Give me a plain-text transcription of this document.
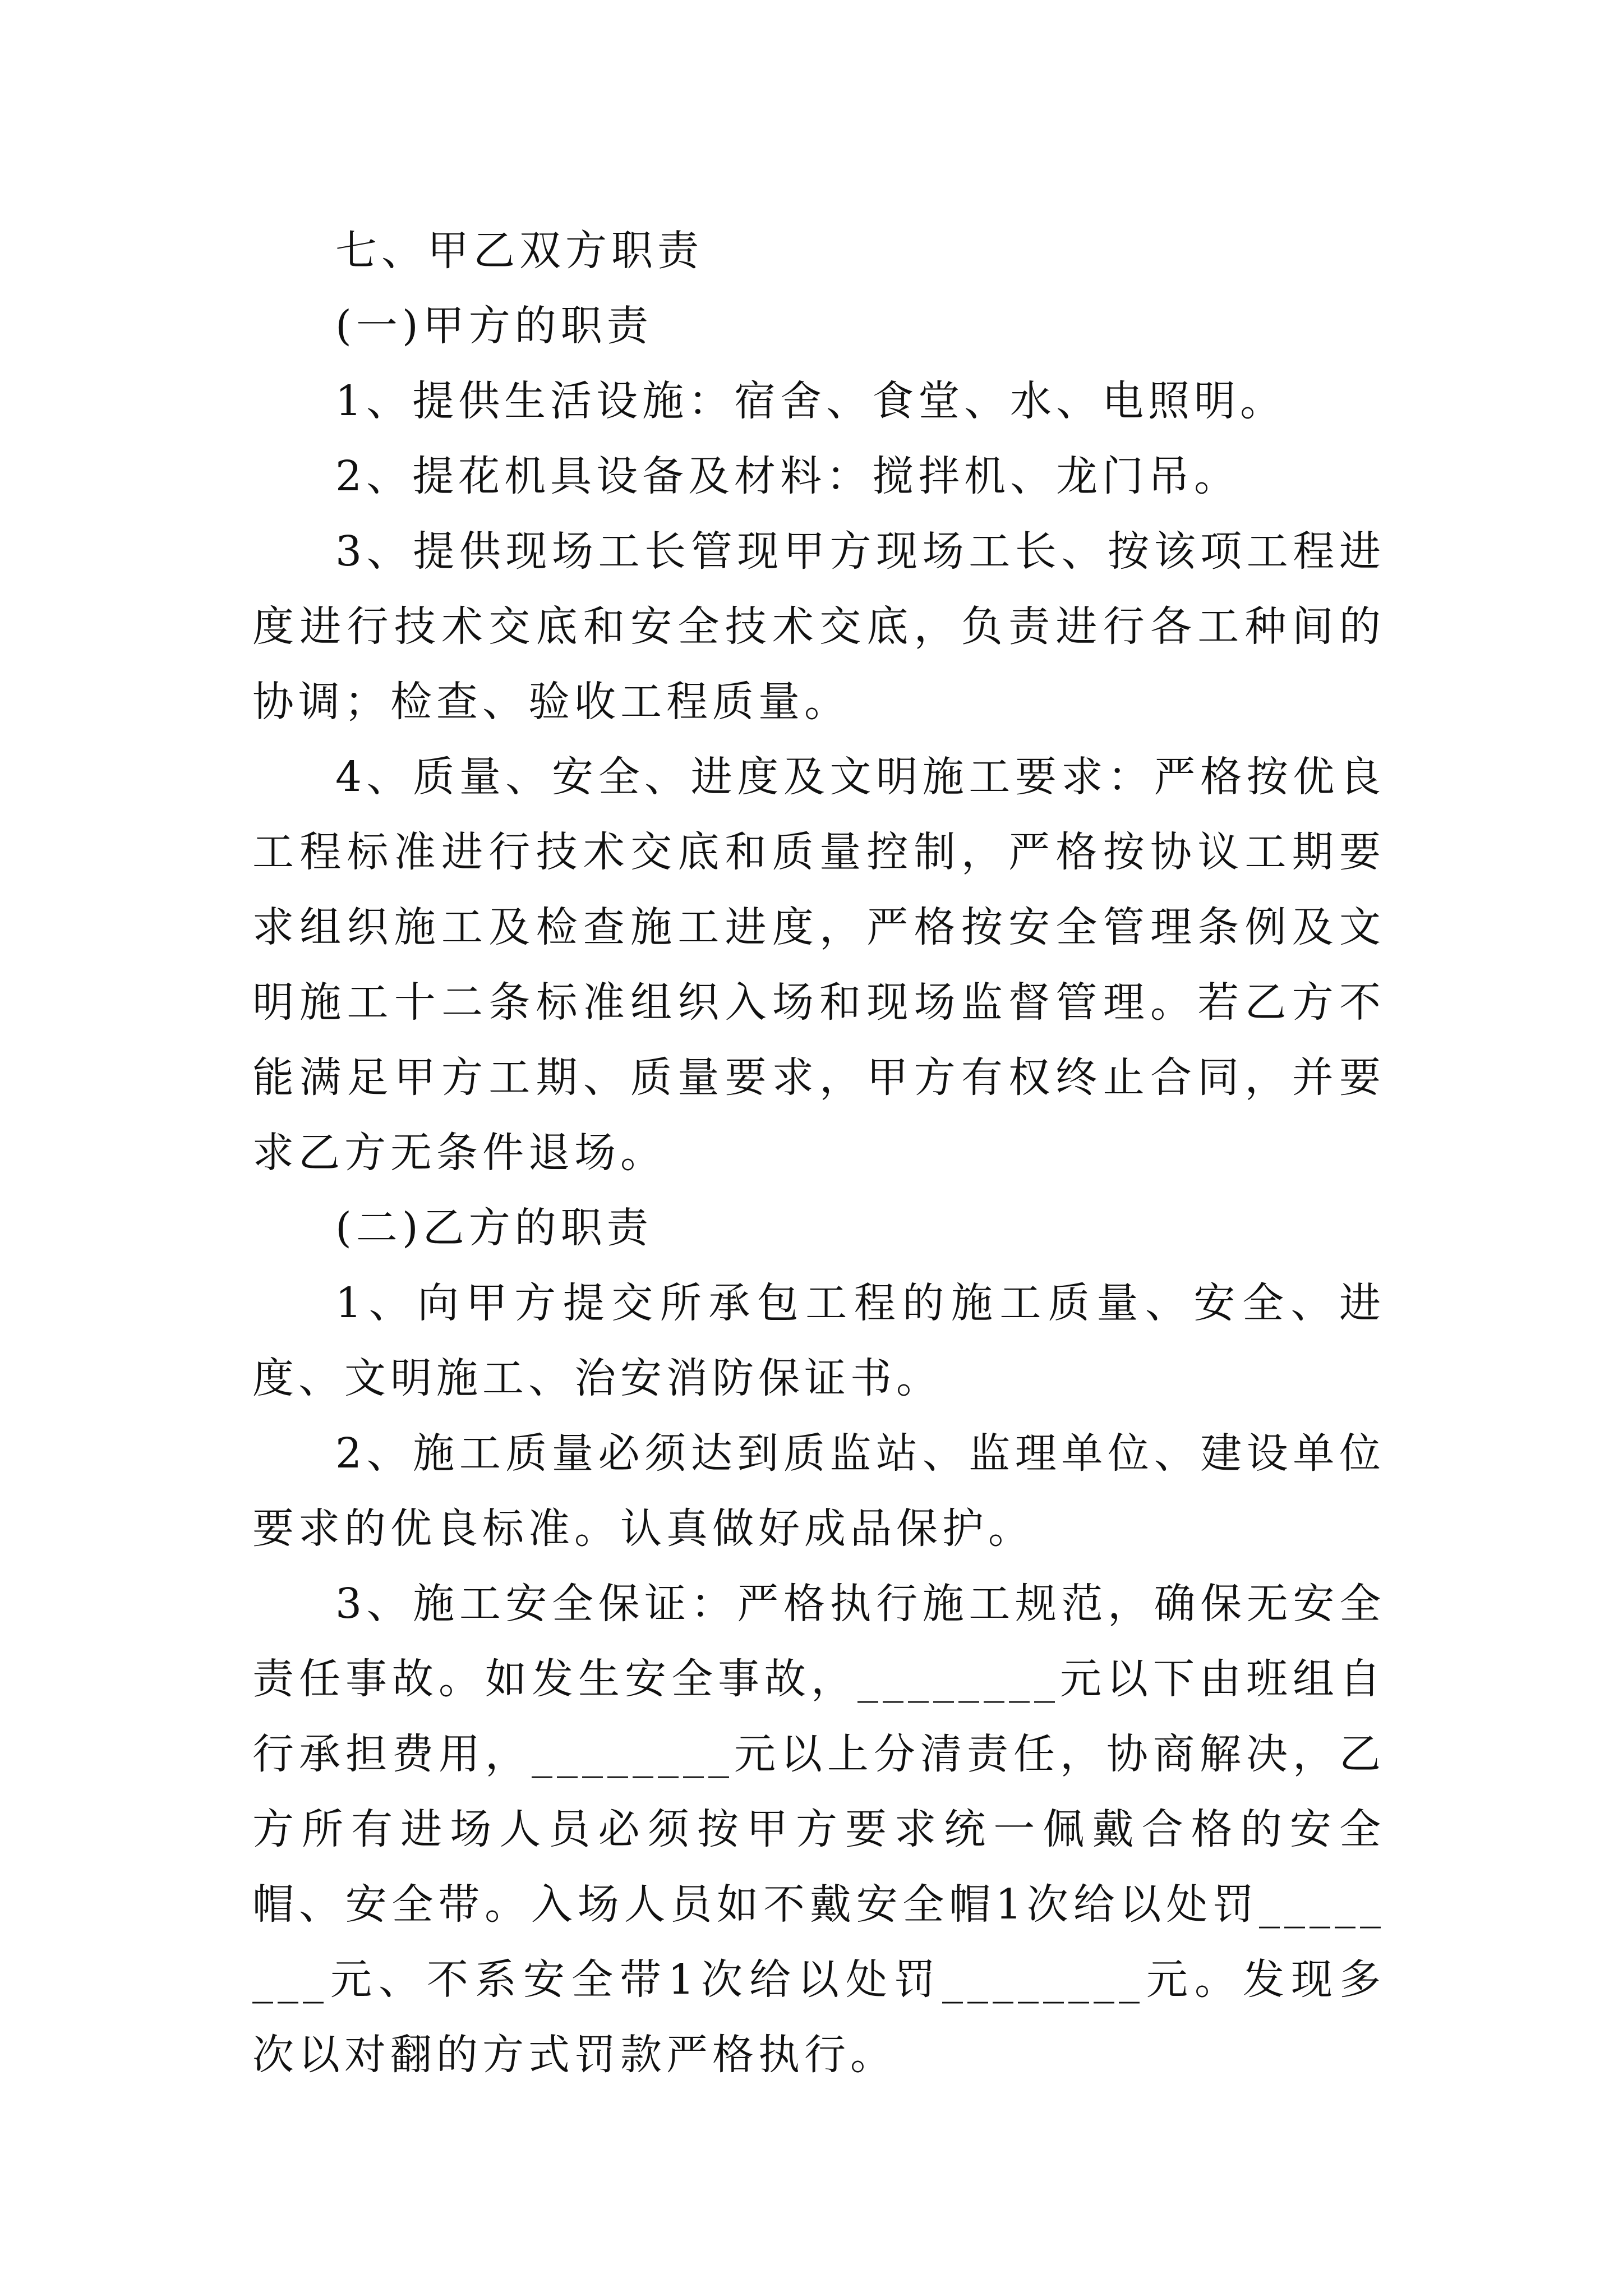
七、甲乙双方职责

(一)甲方的职责

1、提供生活设施：宿舍、食堂、水、电照明。

2、提花机具设备及材料：搅拌机、龙门吊。

3、提供现场工长管现甲方现场工长、按该项工程进度进行技术交底和安全技术交底，负责进行各工种间的协调；检查、验收工程质量。

4、质量、安全、进度及文明施工要求：严格按优良工程标准进行技术交底和质量控制，严格按协议工期要求组织施工及检查施工进度，严格按安全管理条例及文明施工十二条标准组织入场和现场监督管理。若乙方不能满足甲方工期、质量要求，甲方有权终止合同，并要求乙方无条件退场。

(二)乙方的职责

1、向甲方提交所承包工程的施工质量、安全、进度、文明施工、治安消防保证书。

2、施工质量必须达到质监站、监理单位、建设单位要求的优良标准。认真做好成品保护。

3、施工安全保证：严格执行施工规范，确保无安全责任事故。如发生安全事故，________元以下由班组自行承担费用，________元以上分清责任，协商解决，乙方所有进场人员必须按甲方要求统一佩戴合格的安全帽、安全带。入场人员如不戴安全帽1次给以处罚________元、不系安全带1次给以处罚________元。发现多次以对翻的方式罚款严格执行。
